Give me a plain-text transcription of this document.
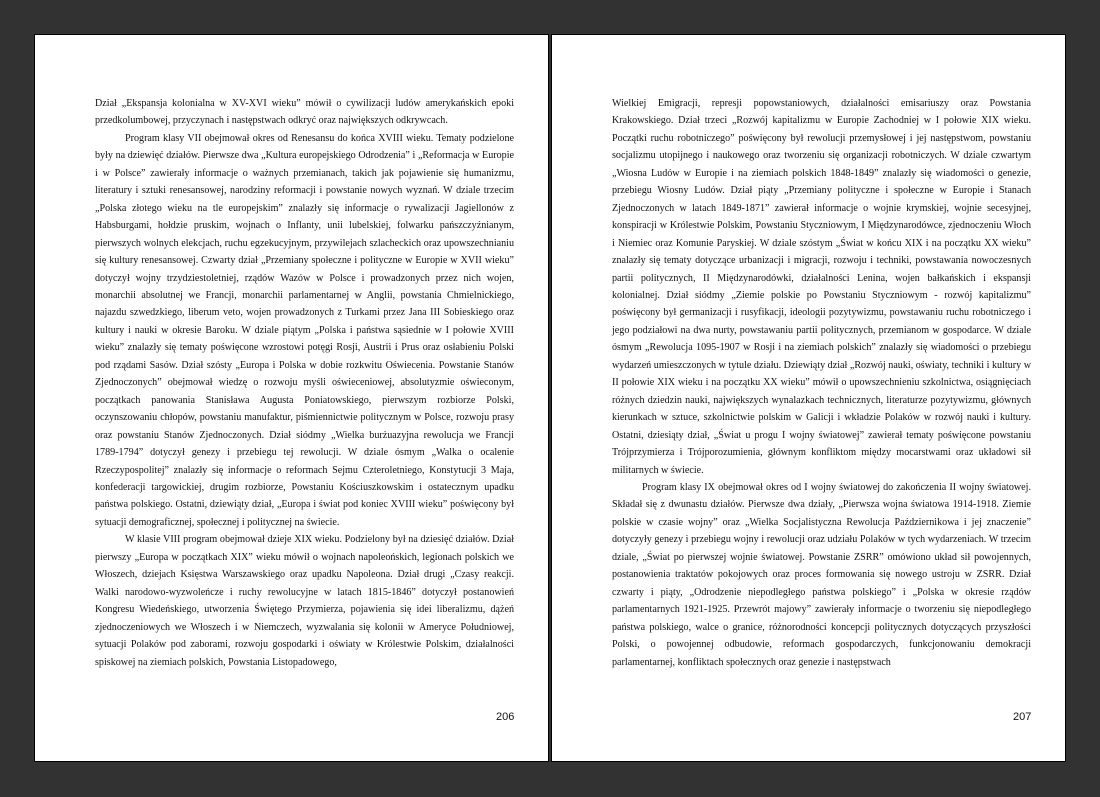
Dział „Ekspansja kolonialna w XV-XVI wieku” mówił o cywilizacji ludów amerykańskich epoki przedkolumbowej, przyczynach i następstwach odkryć oraz największych odkrywcach.

Program klasy VII obejmował okres od Renesansu do końca XVIII wieku. Tematy podzielone były na dziewięć działów. Pierwsze dwa „Kultura europejskiego Odrodzenia” i „Reformacja w Europie i w Polsce” zawierały informacje o ważnych przemianach, takich jak pojawienie się humanizmu, literatury i sztuki renesansowej, narodziny reformacji i powstanie nowych wyznań. W dziale trzecim „Polska złotego wieku na tle europejskim” znalazły się informacje o rywalizacji Jagiellonów z Habsburgami, hołdzie pruskim, wojnach o Inflanty, unii lubelskiej, folwarku pańszczyźnianym, pierwszych wolnych elekcjach, ruchu egzekucyjnym, przywilejach szlacheckich oraz upowszechnianiu się kultury renesansowej. Czwarty dział „Przemiany społeczne i polityczne w Europie w XVII wieku” dotyczył wojny trzydziestoletniej, rządów Wazów w Polsce i prowadzonych przez nich wojen, monarchii absolutnej we Francji, monarchii parlamentarnej w Anglii, powstania Chmielnickiego, najazdu szwedzkiego, liberum veto, wojen prowadzonych z Turkami przez Jana III Sobieskiego oraz kultury i nauki w okresie Baroku. W dziale piątym „Polska i państwa sąsiednie w I połowie XVIII wieku” znalazły się tematy poświęcone wzrostowi potęgi Rosji, Austrii i Prus oraz osłabieniu Polski pod rządami Sasów. Dział szósty „Europa i Polska w dobie rozkwitu Oświecenia. Powstanie Stanów Zjednoczonych” obejmował wiedzę o rozwoju myśli oświeceniowej, absolutyzmie oświeconym, początkach panowania Stanisława Augusta Poniatowskiego, pierwszym rozbiorze Polski, oczynszowaniu chłopów, powstaniu manufaktur, piśmiennictwie politycznym w Polsce, rozwoju prasy oraz powstaniu Stanów Zjednoczonych. Dział siódmy „Wielka burżuazyjna rewolucja we Francji 1789-1794” dotyczył genezy i przebiegu tej rewolucji. W dziale ósmym „Walka o ocalenie Rzeczypospolitej” znalazły się informacje o reformach Sejmu Czteroletniego, Konstytucji 3 Maja, konfederacji targowickiej, drugim rozbiorze, Powstaniu Kościuszkowskim i ostatecznym upadku państwa polskiego. Ostatni, dziewiąty dział, „Europa i świat pod koniec XVIII wieku” poświęcony był sytuacji demograficznej, społecznej i politycznej na świecie.

W klasie VIII program obejmował dzieje XIX wieku. Podzielony był na dziesięć działów. Dział pierwszy „Europa w początkach XIX” wieku mówił o wojnach napoleońskich, legionach polskich we Włoszech, dziejach Księstwa Warszawskiego oraz upadku Napoleona. Dział drugi „Czasy reakcji. Walki narodowo-wyzwoleńcze i ruchy rewolucyjne w latach 1815-1846” dotyczył postanowień Kongresu Wiedeńskiego, utworzenia Świętego Przymierza, pojawienia się idei liberalizmu, dążeń zjednoczeniowych we Włoszech i w Niemczech, wyzwalania się kolonii w Ameryce Południowej, sytuacji Polaków pod zaborami, rozwoju gospodarki i oświaty w Królestwie Polskim, działalności spiskowej na ziemiach polskich, Powstania Listopadowego,

206

Wielkiej Emigracji, represji popowstaniowych, działalności emisariuszy oraz Powstania Krakowskiego. Dział trzeci „Rozwój kapitalizmu w Europie Zachodniej w I połowie XIX wieku. Początki ruchu robotniczego” poświęcony był rewolucji przemysłowej i jej następstwom, powstaniu socjalizmu utopijnego i naukowego oraz tworzeniu się organizacji robotniczych. W dziale czwartym „Wiosna Ludów w Europie i na ziemiach polskich 1848-1849” znalazły się wiadomości o genezie, przebiegu Wiosny Ludów. Dział piąty „Przemiany polityczne i społeczne w Europie i Stanach Zjednoczonych w latach 1849-1871” zawierał informacje o wojnie krymskiej, wojnie secesyjnej, konspiracji w Królestwie Polskim, Powstaniu Styczniowym, I Międzynarodówce, zjednoczeniu Włoch i Niemiec oraz Komunie Paryskiej. W dziale szóstym „Świat w końcu XIX i na początku XX wieku” znalazły się tematy dotyczące urbanizacji i migracji, rozwoju i techniki, powstawania nowoczesnych partii politycznych, II Międzynarodówki, działalności Lenina, wojen bałkańskich i ekspansji kolonialnej. Dział siódmy „Ziemie polskie po Powstaniu Styczniowym - rozwój kapitalizmu” poświęcony był germanizacji i rusyfikacji, ideologii pozytywizmu, powstawaniu ruchu robotniczego i jego podziałowi na dwa nurty, powstawaniu partii politycznych, przemianom w gospodarce. W dziale ósmym „Rewolucja 1095-1907 w Rosji i na ziemiach polskich” znalazły się wiadomości o przebiegu wydarzeń umieszczonych w tytule działu. Dziewiąty dział „Rozwój nauki, oświaty, techniki i kultury w II połowie XIX wieku i na początku XX wieku” mówił o upowszechnieniu szkolnictwa, osiągnięciach różnych dziedzin nauki, największych wynalazkach technicznych, literaturze pozytywizmu, głównych kierunkach w sztuce, szkolnictwie polskim w Galicji i wkładzie Polaków w rozwój nauki i kultury. Ostatni, dziesiąty dział, „Świat u progu I wojny światowej” zawierał tematy poświęcone powstaniu Trójprzymierza i Trójporozumienia, głównym konfliktom między mocarstwami oraz układowi sił militarnych w świecie.

Program klasy IX obejmował okres od I wojny światowej do zakończenia II wojny światowej. Składał się z dwunastu działów. Pierwsze dwa działy, „Pierwsza wojna światowa 1914-1918. Ziemie polskie w czasie wojny” oraz „Wielka Socjalistyczna Rewolucja Październikowa i jej znaczenie” dotyczyły genezy i przebiegu wojny i rewolucji oraz udziału Polaków w tych wydarzeniach. W trzecim dziale, „Świat po pierwszej wojnie światowej. Powstanie ZSRR” omówiono układ sił powojennych, postanowienia traktatów pokojowych oraz proces formowania się nowego ustroju w ZSRR. Dział czwarty i piąty, „Odrodzenie niepodległego państwa polskiego” i „Polska w okresie rządów parlamentarnych 1921-1925. Przewrót majowy” zawierały informacje o tworzeniu się niepodległego państwa polskiego, walce o granice, różnorodności koncepcji politycznych dotyczących przyszłości Polski, o powojennej odbudowie, reformach gospodarczych, funkcjonowaniu demokracji parlamentarnej, konfliktach społecznych oraz genezie i następstwach

207
